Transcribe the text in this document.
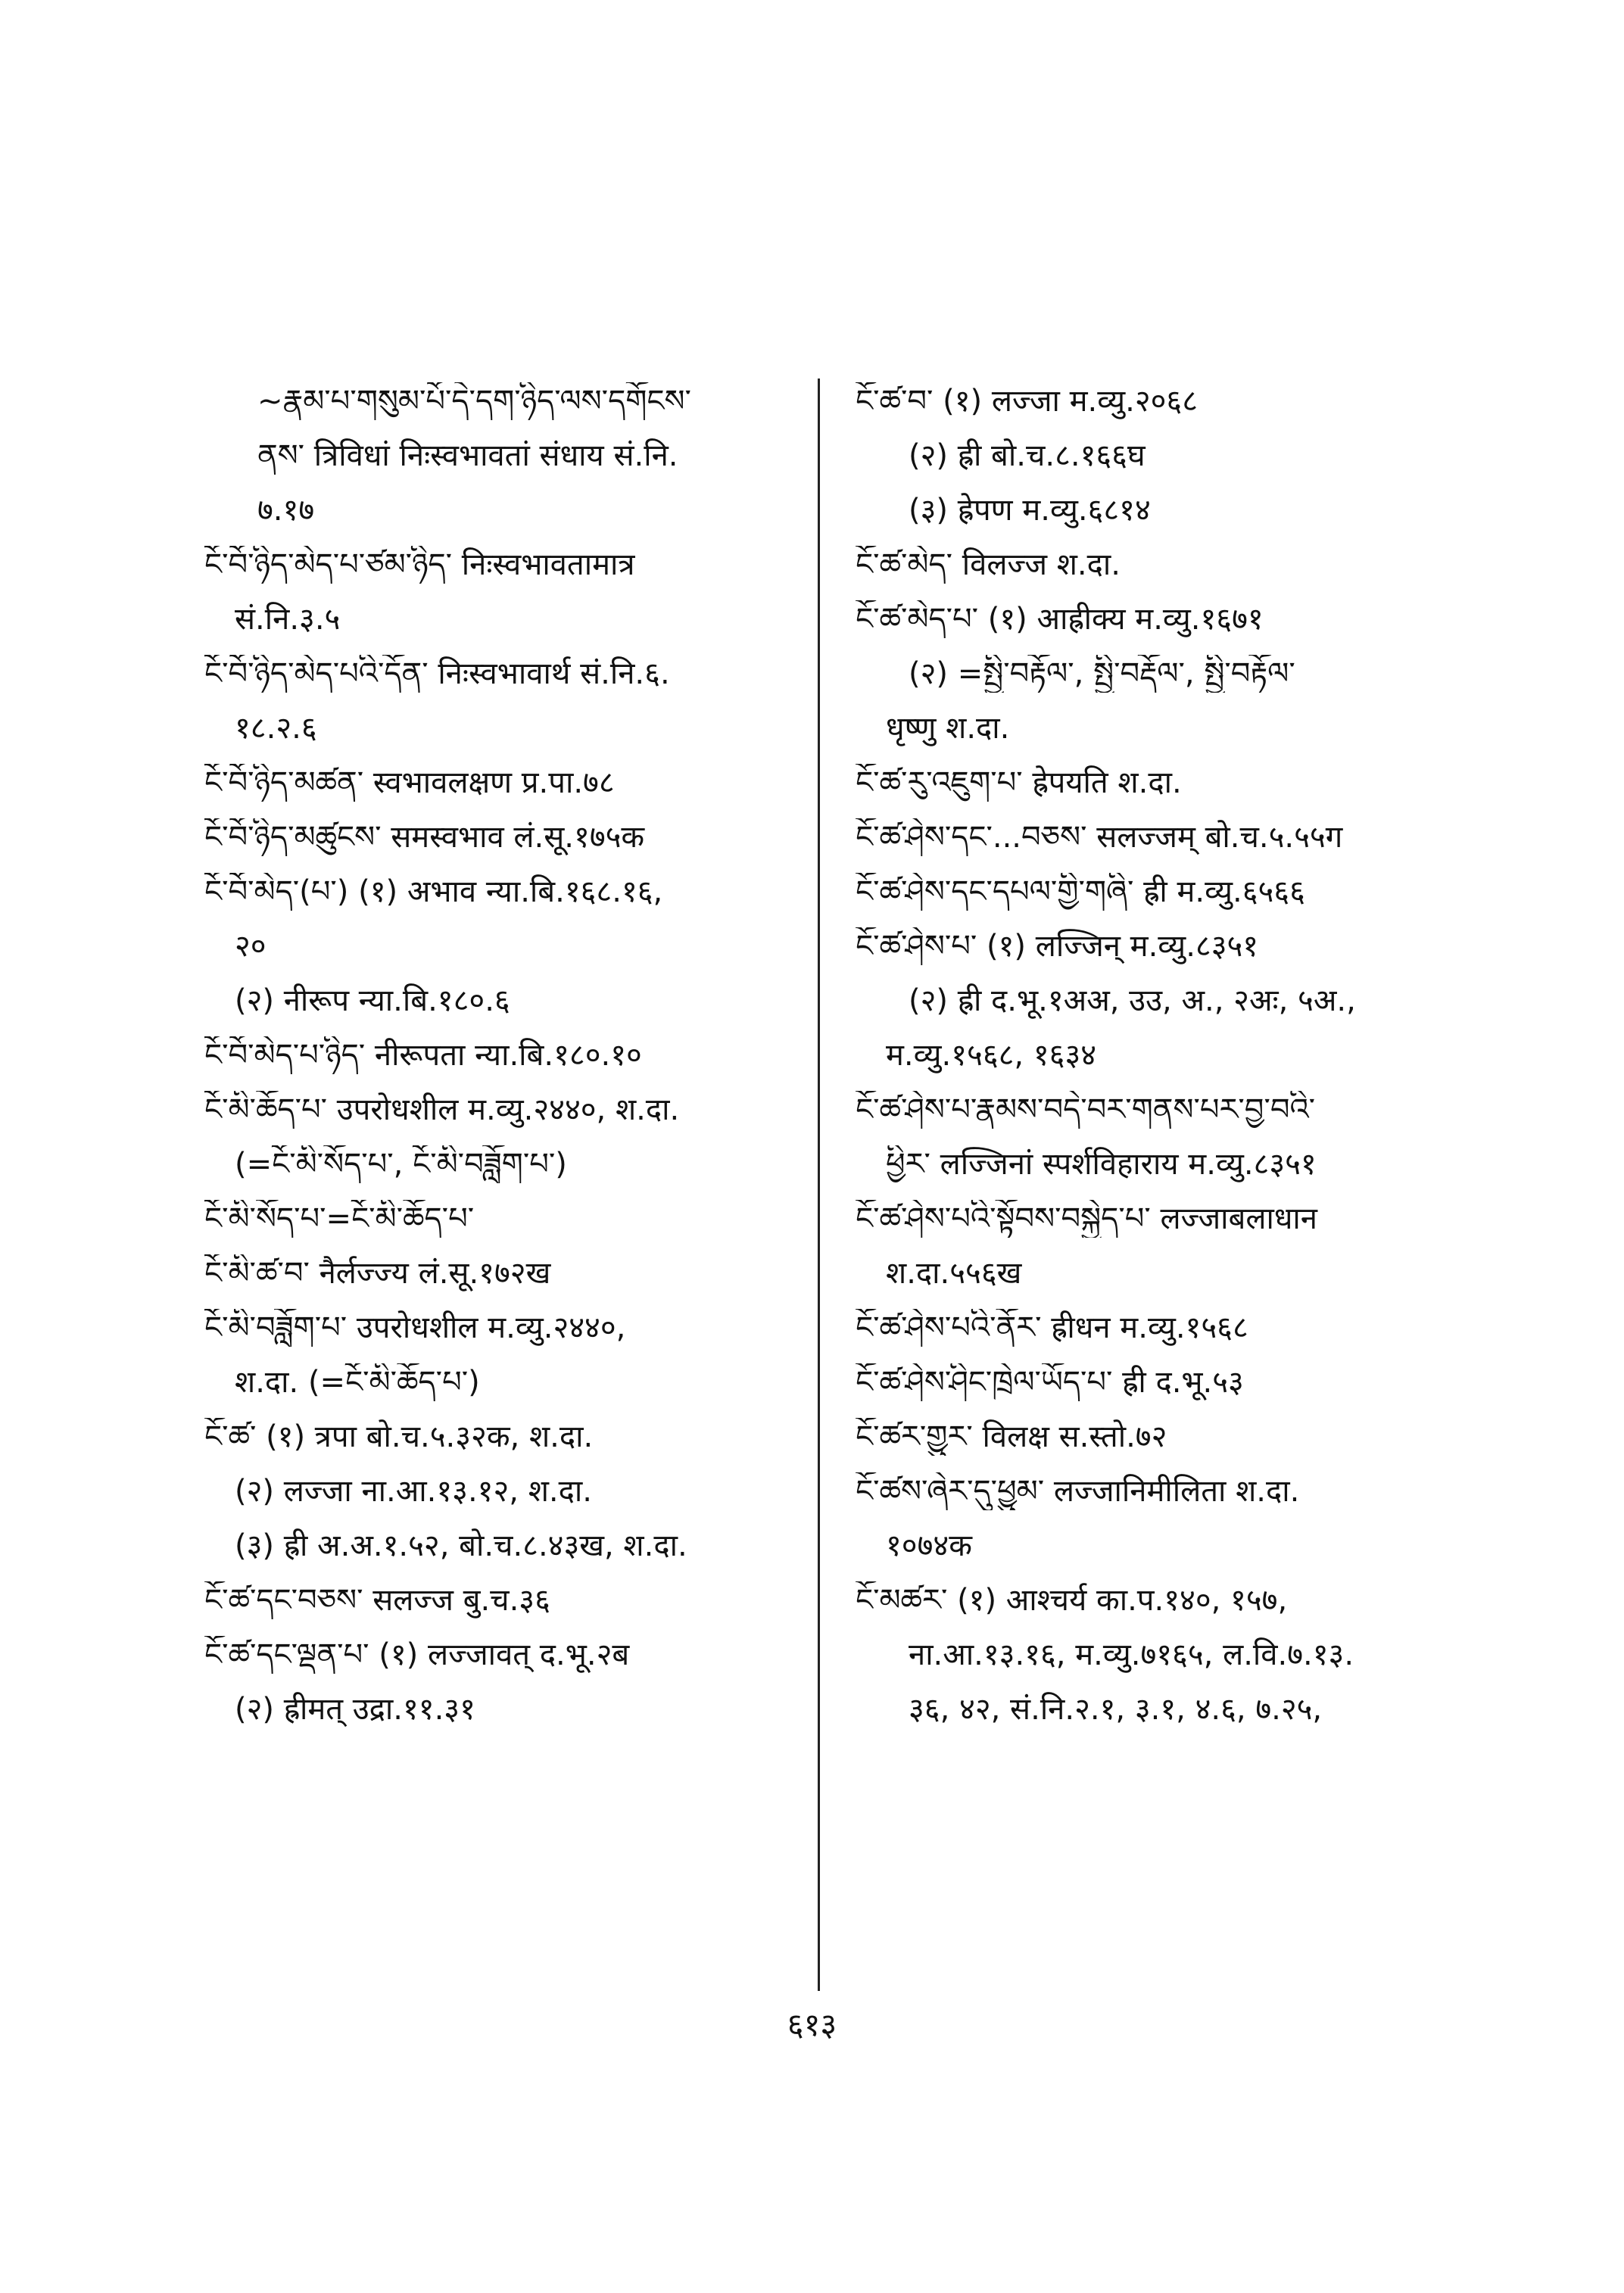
~རྣམ་པ་གསུམ་པོ་དེ་དག་ཉིད་ལས་དགོངས་
ནས་ त्रिविधां निःस्वभावतां संधाय सं.नि.
७.१७
ངོ་བོ་ཉིད་མེད་པ་ཙམ་ཉིད་ निःस्वभावतामात्र
सं.नि.३.५
ངོ་བོ་ཉིད་མེད་པའི་དོན་ निःस्वभावार्थ सं.नि.६.
१८.२.६
ངོ་བོ་ཉིད་མཚན་ स्वभावलक्षण प्र.पा.७८
ངོ་བོ་ཉིད་མཚུངས་ समस्वभाव लं.सू.१७५क
ངོ་བོ་མེད་(པ་) (१) अभाव न्या.बि.१६८.१६,
२०
(२) नीरूप न्या.बि.१८०.६
ངོ་བོ་མེད་པ་ཉིད་ नीरूपता न्या.बि.१८०.१०
ངོ་མི་ཆོད་པ་ उपरोधशील म.व्यु.२४४०, श.दा.
(=ངོ་མི་སོད་པ་, ངོ་མི་བཟློག་པ་)
ངོ་མི་སོད་པ་=ངོ་མི་ཆོད་པ་
ངོ་མི་ཚ་བ་ नैर्लज्ज्य लं.सू.१७२ख
ངོ་མི་བཟློག་པ་ उपरोधशील म.व्यु.२४४०,
श.दा. (=ངོ་མི་ཆོད་པ་)
ངོ་ཚ་ (१) त्रपा बो.च.५.३२क, श.दा.
(२) लज्जा ना.आ.१३.१२, श.दा.
(३) ह्री अ.अ.१.५२, बो.च.८.४३ख, श.दा.
ངོ་ཚ་དང་བཅས་ सलज्ज बु.च.३६
ངོ་ཚ་དང་ལྡན་པ་ (१) लज्जावत् द.भू.२ब
(२) ह्रीमत् उद्रा.११.३१
ངོ་ཚ་བ་ (१) लज्जा म.व्यु.२०६८
(२) ह्री बो.च.८.१६६घ
(३) ह्रेपण म.व्यु.६८१४
ངོ་ཚ་མེད་ विलज्ज श.दा.
ངོ་ཚ་མེད་པ་ (१) आह्रीक्य म.व्यु.१६७१
(२) =སྤྱི་བརྟོལ་, སྤྱི་བརྡོལ་, སྤྱི་བརྟོལ་
धृष्णु श.दा.
ངོ་ཚ་རུ་འཇུག་པ་ ह्रेपयति श.दा.
ངོ་ཚ་ཤེས་དང་...བཅས་ सलज्जम् बो.च.५.५५ग
ངོ་ཚ་ཤེས་དང་དཔལ་གྱི་གཞི་ ह्री म.व्यु.६५६६
ངོ་ཚ་ཤེས་པ་ (१) लज्जिन् म.व्यु.८३५१
(२) ह्री द.भू.१अअ, उउ, अ., २अः, ५अ.,
म.व्यु.१५६८, १६३४
ངོ་ཚ་ཤེས་པ་རྣམས་བདེ་བར་གནས་པར་བྱ་བའི་
ཕྱིར་ लज्जिनां स्पर्शविहाराय म.व्यु.८३५१
ངོ་ཚ་ཤེས་པའི་སྟོབས་བསྐྱེད་པ་ लज्जाबलाधान
श.दा.५५६ख
ངོ་ཚ་ཤེས་པའི་ནོར་ ह्रीधन म.व्यु.१५६८
ངོ་ཚ་ཤེས་ཤིང་ཁྲེལ་ཡོད་པ་ ह्री द.भू.५३
ངོ་ཚར་གྱུར་ विलक्ष स.स्तो.७२
ངོ་ཚས་ཞེར་དུ་ཕྱུམ་ लज्जानिमीलिता श.दा.
१०७४क
ངོ་མཚར་ (१) आश्चर्य का.प.१४०, १५७,
ना.आ.१३.१६, म.व्यु.७१६५, ल.वि.७.१३.
३६, ४२, सं.नि.२.१, ३.१, ४.६, ७.२५,
६१३
